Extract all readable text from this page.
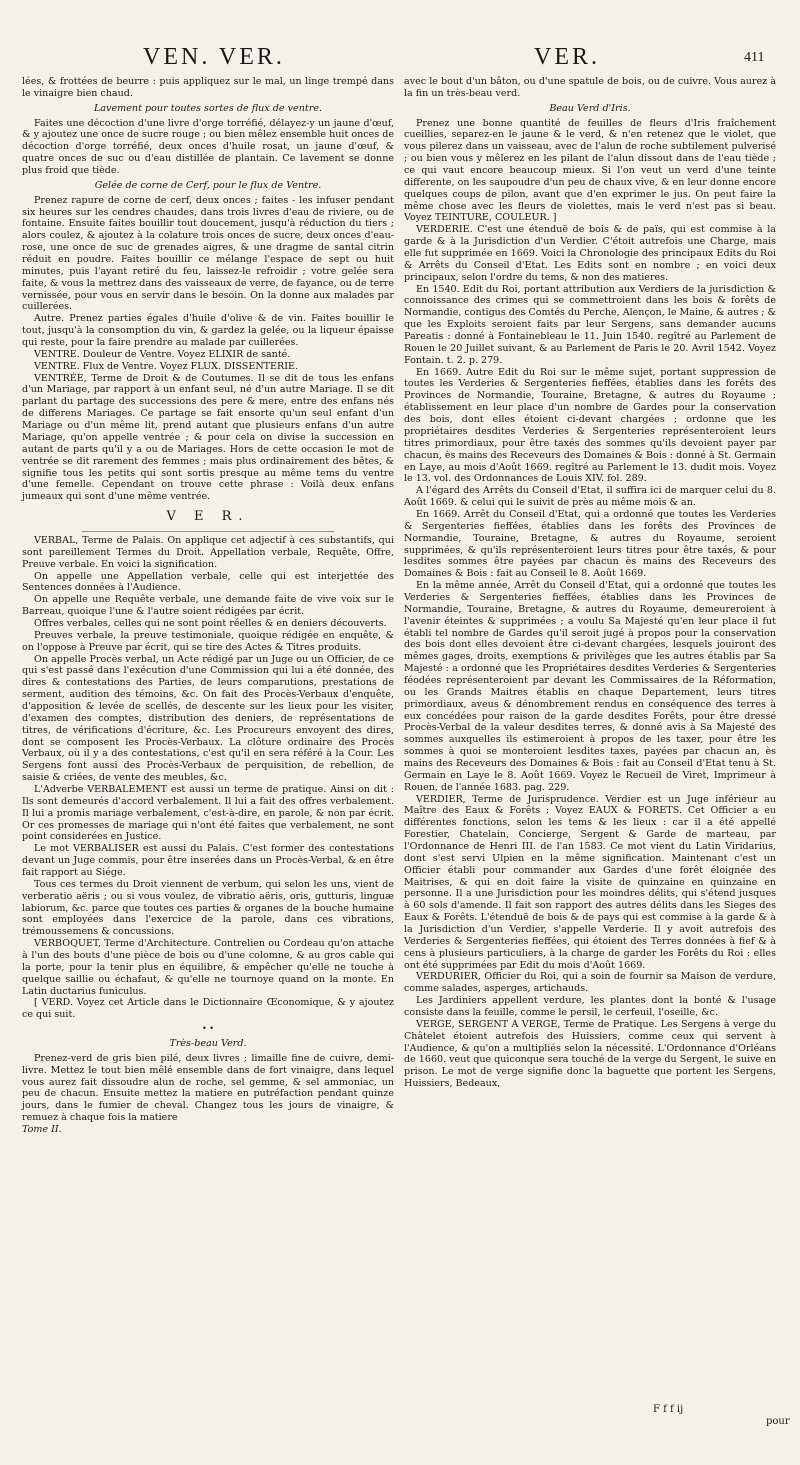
VEN. VER.	VER.	411

lées, & frottées de beurre : puis appliquez sur le mal, un linge trempé dans le vinaigre bien chaud.

Lavement pour toutes sortes de flux de ventre.

Faites une décoction d'une livre d'orge torréfié, délayez-y un jaune d'œuf, & y ajoutez une once de sucre rouge ; ou bien mêlez ensemble huit onces de décoction d'orge torréfié, deux onces d'huile rosat, un jaune d'œuf, & quatre onces de suc ou d'eau distillée de plantain. Ce lavement se donne plus froid que tiède.

Gelée de corne de Cerf, pour le flux de Ventre.

Prenez rapure de corne de cerf, deux onces ; faites - les infuser pendant six heures sur les cendres chaudes, dans trois livres d'eau de riviere, ou de fontaine. Ensuite faites bouillir tout doucement, jusqu'à réduction du tiers ; alors coulez, & ajoutez à la colature trois onces de sucre, deux onces d'eau-rose, une once de suc de grenades aigres, & une dragme de santal citrin réduit en poudre. Faites bouillir ce mélange l'espace de sept ou huit minutes, puis l'ayant retiré du feu, laissez-le refroidir ; votre gelée sera faite, & vous la mettrez dans des vaisseaux de verre, de fayance, ou de terre vernissée, pour vous en servir dans le besoin. On la donne aux malades par cuillerées.

Autre. Prenez parties égales d'huile d'olive & de vin. Faites bouillir le tout, jusqu'à la consomption du vin, & gardez la gelée, ou la liqueur épaisse qui reste, pour la faire prendre au malade par cuillerées.

VENTRE. Douleur de Ventre. Voyez ELIXIR de santé.

VENTRE. Flux de Ventre. Voyez FLUX. DISSENTERIE.

VENTRÉE, Terme de Droit & de Coutumes. Il se dit de tous les enfans d'un Mariage, par rapport à un enfant seul, né d'un autre Mariage. Il se dit parlant du partage des successions des pere & mere, entre des enfans nés de differens Mariages. Ce partage se fait ensorte qu'un seul enfant d'un Mariage ou d'un même lit, prend autant que plusieurs enfans d'un autre Mariage, qu'on appelle ventrée ; & pour cela on divise la succession en autant de parts qu'il y a ou de Mariages. Hors de cette occasion le mot de ventrée se dit rarement des femmes ; mais plus ordinairement des bêtes, & signifie tous les petits qui sont sortis presque au même tems du ventre d'une femelle. Cependant on trouve cette phrase : Voilà deux enfans jumeaux qui sont d'une même ventrée.

V E R.

VERBAL, Terme de Palais. On applique cet adjectif à ces substantifs, qui sont pareillement Termes du Droit. Appellation verbale, Requête, Offre, Preuve verbale. En voici la signification.

On appelle une Appellation verbale, celle qui est interjettée des Sentences données à l'Audience.

On appelle une Requête verbale, une demande faite de vive voix sur le Barreau, quoique l'une & l'autre soient rédigées par écrit.

Offres verbales, celles qui ne sont point réelles & en deniers découverts.

Preuves verbale, la preuve testimoniale, quoique rédigée en enquête, & on l'oppose à Preuve par écrit, qui se tire des Actes & Titres produits.

On appelle Procès verbal, un Acte rédigé par un Juge ou un Officier, de ce qui s'est passé dans l'exécution d'une Commission qui lui a été donnée, des dires & contestations des Parties, de leurs comparutions, prestations de serment, audition des témoins, &c. On fait des Procès-Verbaux d'enquête, d'apposition & levée de scellés, de descente sur les lieux pour les visiter, d'examen des comptes, distribution des deniers, de représentations de titres, de vérifications d'écriture, &c. Les Procureurs envoyent des dires, dont se composent les Procès-Verbaux. La clôture ordinaire des Procès Verbaux, où il y a des contestations, c'est qu'il en sera référé à la Cour. Les Sergens font aussi des Procès-Verbaux de perquisition, de rebellion, de saisie & criées, de vente des meubles, &c.

L'Adverbe VERBALEMENT est aussi un terme de pratique. Ainsi on dit : Ils sont demeurés d'accord verbalement. Il lui a fait des offres verbalement. Il lui a promis mariage verbalement, c'est-à-dire, en parole, & non par écrit. Or ces promesses de mariage qui n'ont été faites que verbalement, ne sont point considerées en Justice.

Le mot VERBALISER est aussi du Palais. C'est former des contestations devant un Juge commis, pour être inserées dans un Procès-Verbal, & en être fait rapport au Siége.

Tous ces termes du Droit viennent de verbum, qui selon les uns, vient de verberatio aëris ; ou si vous voulez, de vibratio aëris, oris, gutturis, linguæ labiorum, &c. parce que toutes ces parties & organes de la bouche humaine sont employées dans l'exercice de la parole, dans ces vibrations, trémoussemens & concussions.

VERBOQUET, Terme d'Architecture. Contrelien ou Cordeau qu'on attache à l'un des bouts d'une pièce de bois ou d'une colomne, & au gros cable qui la porte, pour la tenir plus en équilibre, & empêcher qu'elle ne touche à quelque saillie ou échafaut, & qu'elle ne tournoye quand on la monte. En Latin ductarius funiculus.

[ VERD. Voyez cet Article dans le Dictionnaire Œconomique, & y ajoutez ce qui suit.

• •
Très-beau Verd.

Prenez-verd de gris bien pilé, deux livres ; limaille fine de cuivre, demi-livre. Mettez le tout bien mêlé ensemble dans de fort vinaigre, dans lequel vous aurez fait dissoudre alun de roche, sel gemme, & sel ammoniac, un peu de chacun. Ensuite mettez la matiere en putréfaction pendant quinze jours, dans le fumier de cheval. Changez tous les jours de vinaigre, & remuez à chaque fois la matiere

Tome II.

avec le bout d'un bâton, ou d'une spatule de bois, ou de cuivre. Vous aurez à la fin un très-beau verd.

Beau Verd d'Iris.

Prenez une bonne quantité de feuilles de fleurs d'Iris fraîchement cueillies, separez-en le jaune & le verd, & n'en retenez que le violet, que vous pilerez dans un vaisseau, avec de l'alun de roche subtilement pulverisé ; ou bien vous y mêlerez en les pilant de l'alun dissout dans de l'eau tiède ; ce qui vaut encore beaucoup mieux. Si l'on veut un verd d'une teinte differente, on les saupoudre d'un peu de chaux vive, & en leur donne encore quelques coups de pilon, avant que d'en exprimer le jus. On peut faire la même chose avec les fleurs de violettes, mais le verd n'est pas si beau. Voyez TEINTURE, COULEUR. ]

VERDERIE. C'est une étenduë de bois & de païs, qui est commise à la garde & à la Jurisdiction d'un Verdier. C'étoit autrefois une Charge, mais elle fut supprimée en 1669. Voici la Chronologie des principaux Edits du Roi & Arrêts du Conseil d'Etat. Les Edits sont en nombre ; en voici deux principaux, selon l'ordre du tems, & non des matieres.

En 1540. Edit du Roi, portant attribution aux Verdiers de la jurisdiction & connoissance des crimes qui se commettroient dans les bois & forêts de Normandie, contigus des Comtés du Perche, Alençon, le Maine, & autres ; & que les Exploits seroient faits par leur Sergens, sans demander aucuns Pareatis : donné à Fontainebleau le 11. Juin 1540. regîtré au Parlement de Rouen le 20 Juillet suivant, & au Parlement de Paris le 20. Avril 1542. Voyez Fontain. t. 2. p. 279.

En 1669. Autre Edit du Roi sur le même sujet, portant suppression de toutes les Verderies & Sergenteries fieffées, établies dans les forêts des Provinces de Normandie, Touraine, Bretagne, & autres du Royaume ; établissement en leur place d'un nombre de Gardes pour la conservation des bois, dont elles étoient ci-devant chargées ; ordonne que les propriétaires desdites Verderies & Sergenteries représenteroient leurs titres primordiaux, pour être taxés des sommes qu'ils devoient payer par chacun, ès mains des Receveurs des Domaines & Bois : donné à St. Germain en Laye, au mois d'Août 1669. regîtré au Parlement le 13. dudit mois. Voyez le 13. vol. des Ordonnances de Louis XIV. fol. 289.

A l'égard des Arrêts du Conseil d'Etat, il suffira ici de marquer celui du 8. Août 1669. & celui qui le suivit de près au même mois & an.

En 1669. Arrêt du Conseil d'Etat, qui a ordonné que toutes les Verderies & Sergenteries fieffées, établies dans les forêts des Provinces de Normandie, Touraine, Bretagne, & autres du Royaume, seroient supprimées, & qu'ils représenteroient leurs titres pour être taxés, & pour lesdites sommes être payées par chacun ès mains des Receveurs des Domaines & Bois : fait au Conseil le 8. Août 1669.

En la même année, Arrêt du Conseil d'Etat, qui a ordonné que toutes les Verderies & Sergenteries fieffées, établies dans les Provinces de Normandie, Touraine, Bretagne, & autres du Royaume, demeureroient à l'avenir éteintes & supprimées ; a voulu Sa Majesté qu'en leur place il fut établi tel nombre de Gardes qu'il seroit jugé à propos pour la conservation des bois dont elles devoient être ci-devant chargées, lesquels jouiront des mêmes gages, droits, exemptions & privilèges que les autres établis par Sa Majesté : a ordonné que les Propriétaires desdites Verderies & Sergenteries féodées représenteroient par devant les Commissaires de la Réformation, ou les Grands Maitres établis en chaque Departement, leurs titres primordiaux, aveus & dénombrement rendus en conséquence des terres à eux concédées pour raison de la garde desdites Forêts, pour être dressé Procès-Verbal de la valeur desdites terres, & donné avis à Sa Majesté des sommes auxquelles ils estimeroient à propos de les taxer, pour être les sommes à quoi se monteroient lesdites taxes, payées par chacun an, ès mains des Receveurs des Domaines & Bois : fait au Conseil d'Etat tenu à St. Germain en Laye le 8. Août 1669. Voyez le Recueil de Viret, Imprimeur à Rouen, de l'année 1683. pag. 229.

VERDIER, Terme de Jurisprudence. Verdier est un Juge inférieur au Maître des Eaux & Forêts ; Voyez EAUX & FORETS. Cet Officier a eu différentes fonctions, selon les tems & les lieux : car il a été appellé Forestier, Chatelain, Concierge, Sergent & Garde de marteau, par l'Ordonnance de Henri III. de l'an 1583. Ce mot vient du Latin Viridarius, dont s'est servi Ulpien en la même signification. Maintenant c'est un Officier établi pour commander aux Gardes d'une forêt éloignée des Maitrises, & qui en doit faire la visite de quinzaine en quinzaine en personne. Il a une Jurisdiction pour les moindres délits, qui s'étend jusques à 60 sols d'amende. Il fait son rapport des autres délits dans les Sieges des Eaux & Forêts. L'étenduë de bois & de pays qui est commise à la garde & à la Jurisdiction d'un Verdier, s'appelle Verderie. Il y avoit autrefois des Verderies & Sergenteries fieffées, qui étoient des Terres données à fief & à cens à plusieurs particuliers, à la charge de garder les Forêts du Roi : elles ont été supprimées par Edit du mois d'Août 1669.

VERDURIER, Officier du Roi, qui a soin de fournir sa Maison de verdure, comme salades, asperges, artichauds.

Les Jardiniers appellent verdure, les plantes dont la bonté & l'usage consiste dans la feuille, comme le persil, le cerfeuil, l'oseille, &c.

VERGE, SERGENT A VERGE, Terme de Pratique. Les Sergens à verge du Châtelet étoient autrefois des Huissiers, comme ceux qui servent à l'Audience, & qu'on a multipliés selon la nécessité. L'Ordonnance d'Orléans de 1660. veut que quiconque sera touché de la verge du Sergent, le suive en prison. Le mot de verge signifie donc la baguette que portent les Sergens, Huissiers, Bedeaux,

F f f ij
pour
